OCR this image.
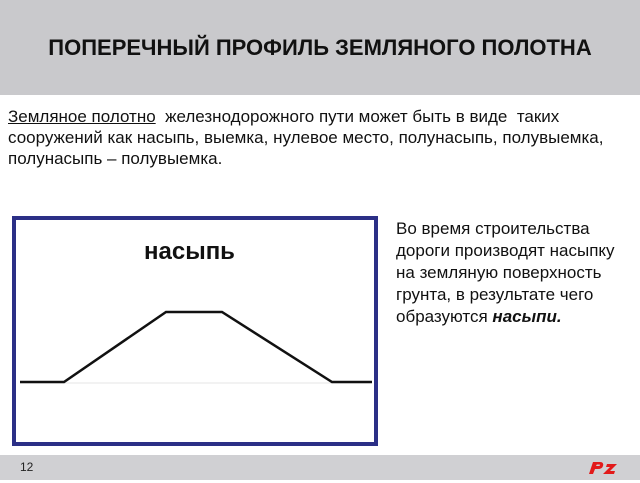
ПОПЕРЕЧНЫЙ ПРОФИЛЬ ЗЕМЛЯНОГО ПОЛОТНА
Земляное полотно  железнодорожного пути может быть в виде  таких сооружений как насыпь, выемка, нулевое место, полунасыпь, полувыемка, полунасыпь – полувыемка.
насыпь
Во время строительства дороги производят насыпку на земляную поверхность грунта, в результате чего образуются насыпи.
12
